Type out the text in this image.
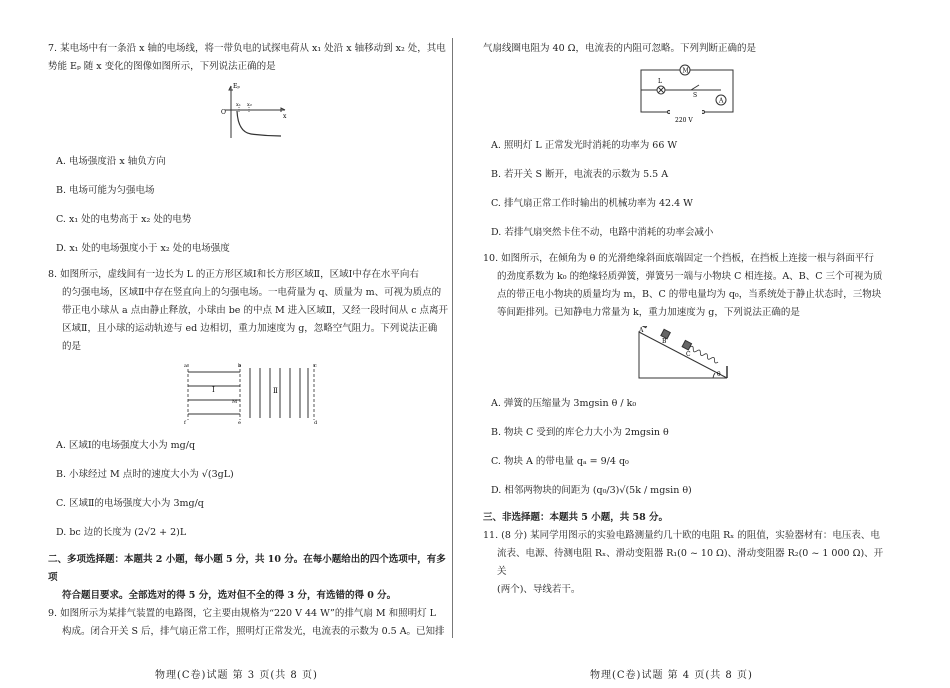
7. 某电场中有一条沿 x 轴的电场线，将一带负电的试探电荷从 x₁ 处沿 x 轴移动到 x₂ 处，其电

势能 Eₚ 随 x 变化的图像如图所示，下列说法正确的是

Eₚ
O
x₁ x₂
x

A. 电场强度沿 x 轴负方向

B. 电场可能为匀强电场

C. x₁ 处的电势高于 x₂ 处的电势

D. x₁ 处的电场强度小于 x₂ 处的电场强度

8. 如图所示，虚线间有一边长为 L 的正方形区域Ⅰ和长方形区域Ⅱ，区域Ⅰ中存在水平向右

的匀强电场，区域Ⅱ中存在竖直向上的匀强电场。一电荷量为 q、质量为 m、可视为质点的

带正电小球从 a 点由静止释放，小球由 be 的中点 M 进入区域Ⅱ，又经一段时间从 c 点离开

区域Ⅱ，且小球的运动轨迹与 ed 边相切，重力加速度为 g，忽略空气阻力。下列说法正确

的是

Ⅰ	Ⅱ
a	b	c
d
e
f
M

A. 区域Ⅰ的电场强度大小为 mg/q

B. 小球经过 M 点时的速度大小为 √(3gL)

C. 区域Ⅱ的电场强度大小为 3mg/q

D. bc 边的长度为 (2√2 + 2)L

二、多项选择题：本题共 2 小题，每小题 5 分，共 10 分。在每小题给出的四个选项中，有多项

符合题目要求。全部选对的得 5 分，选对但不全的得 3 分，有选错的得 0 分。

9. 如图所示为某排气装置的电路图，它主要由规格为“220 V 44 W”的排气扇 M 和照明灯 L

构成。闭合开关 S 后，排气扇正常工作，照明灯正常发光，电流表的示数为 0.5 A。已知排

气扇线圈电阻为 40 Ω，电流表的内阻可忽略。下列判断正确的是

M
L
S
A
220 V

A. 照明灯 L 正常发光时消耗的功率为 66 W

B. 若开关 S 断开，电流表的示数为 5.5 A

C. 排气扇正常工作时输出的机械功率为 42.4 W

D. 若排气扇突然卡住不动，电路中消耗的功率会减小

10. 如图所示，在倾角为 θ 的光滑绝缘斜面底端固定一个挡板，在挡板上连接一根与斜面平行

的劲度系数为 k₀ 的绝缘轻质弹簧，弹簧另一端与小物块 C 相连接。A、B、C 三个可视为质

点的带正电小物块的质量均为 m，B、C 的带电量均为 q₀，当系统处于静止状态时，三物块

等间距排列。已知静电力常量为 k，重力加速度为 g，下列说法正确的是

A
B
C
θ

A. 弹簧的压缩量为 3mgsin θ / k₀

B. 物块 C 受到的库仑力大小为 2mgsin θ

C. 物块 A 的带电量 qₐ = 9/4 q₀

D. 相邻两物块的间距为 (q₀/3)√(5k / mgsin θ)

三、非选择题：本题共 5 小题，共 58 分。

11. (8 分) 某同学用图示的实验电路测量约几十欧的电阻 Rₓ 的阻值，实验器材有：电压表、电

流表、电源、待测电阻 Rₓ、滑动变阻器 R₁(0 ~ 10 Ω)、滑动变阻器 R₂(0 ~ 1 000 Ω)、开关

(两个)、导线若干。

物理(C卷)试题 第 3 页(共 8 页)	物理(C卷)试题 第 4 页(共 8 页)
